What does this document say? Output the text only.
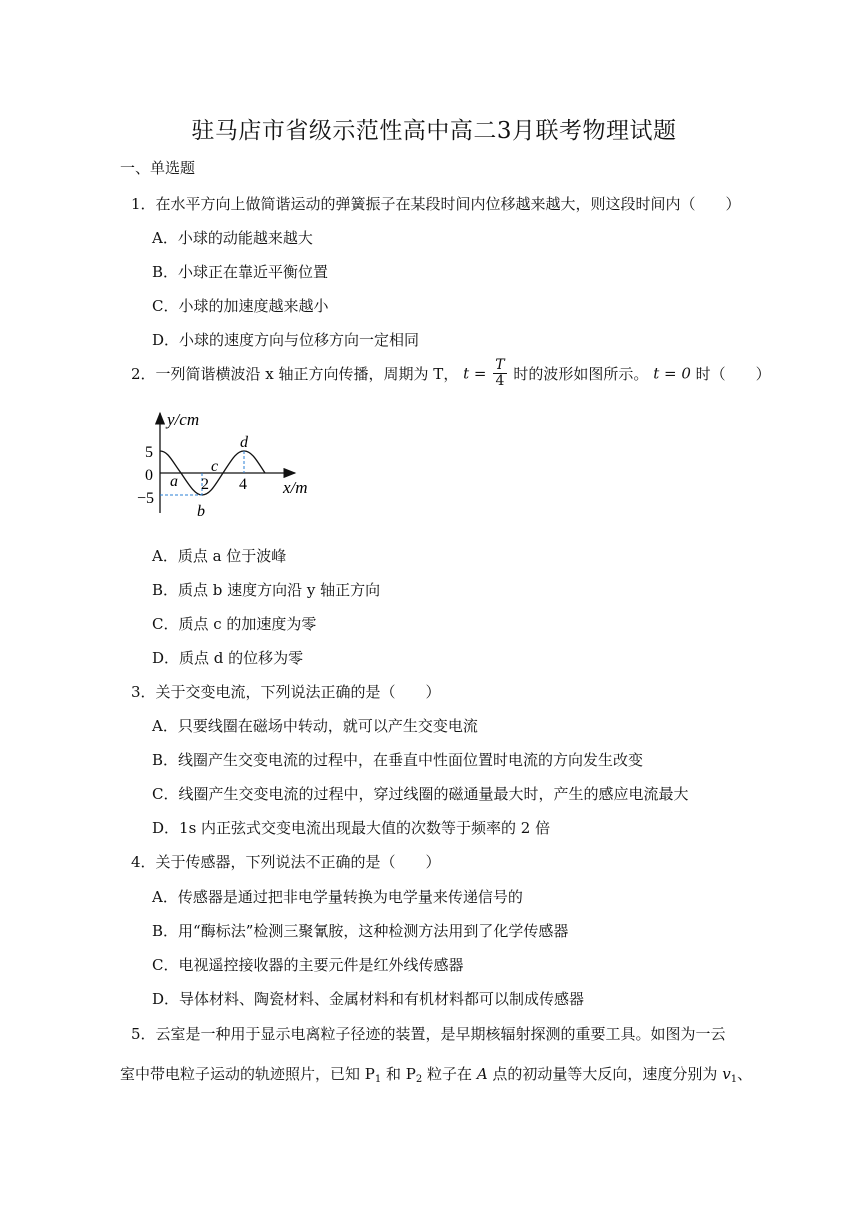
驻马店市省级示范性高中高二3月联考物理试题
一、单选题
1．在水平方向上做简谐运动的弹簧振子在某段时间内位移越来越大，则这段时间内（　　）
A．小球的动能越来越大
B．小球正在靠近平衡位置
C．小球的加速度越来越小
D．小球的速度方向与位移方向一定相同
2．一列简谐横波沿 x 轴正方向传播，周期为 T， $t = \frac{T}{4}$ 时的波形如图所示。 t = 0 时（　　）
y/cm
5
0
−5
2 4 x/m
a
b
c
d
A．质点 a 位于波峰
B．质点 b 速度方向沿 y 轴正方向
C．质点 c 的加速度为零
D．质点 d 的位移为零
3．关于交变电流，下列说法正确的是（　　）
A．只要线圈在磁场中转动，就可以产生交变电流
B．线圈产生交变电流的过程中，在垂直中性面位置时电流的方向发生改变
C．线圈产生交变电流的过程中，穿过线圈的磁通量最大时，产生的感应电流最大
D．1s 内正弦式交变电流出现最大值的次数等于频率的 2 倍
4．关于传感器，下列说法不正确的是（　　）
A．传感器是通过把非电学量转换为电学量来传递信号的
B．用“酶标法”检测三聚氰胺，这种检测方法用到了化学传感器
C．电视遥控接收器的主要元件是红外线传感器
D．导体材料、陶瓷材料、金属材料和有机材料都可以制成传感器
5．云室是一种用于显示电离粒子径迹的装置，是早期核辐射探测的重要工具。如图为一云
室中带电粒子运动的轨迹照片，已知 $P_1$ 和 $P_2$ 粒子在 A 点的初动量等大反向，速度分别为 $v_1$、
